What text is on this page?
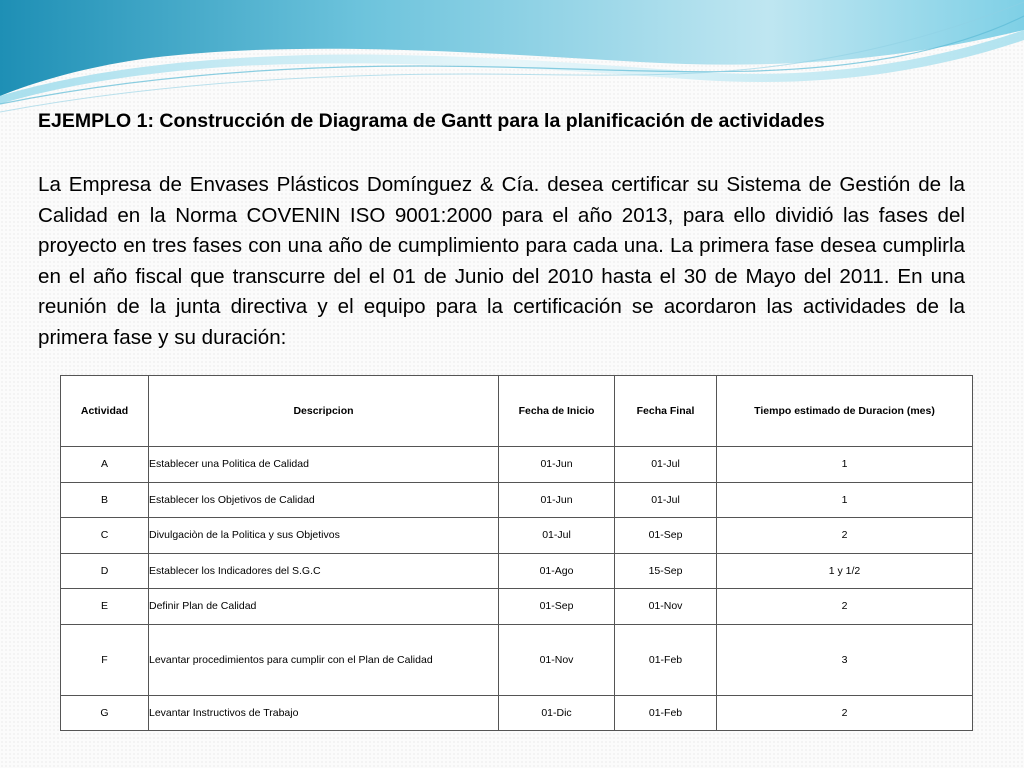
EJEMPLO 1: Construcción de Diagrama de Gantt para la planificación de actividades

La Empresa de Envases Plásticos Domínguez & Cía. desea certificar su Sistema de Gestión de la Calidad en la Norma COVENIN ISO 9001:2000 para el año 2013, para ello dividió las fases del proyecto en tres fases con una año de cumplimiento para cada una. La primera fase desea cumplirla en el año fiscal que transcurre del el 01 de Junio del 2010 hasta el 30 de Mayo del 2011. En una reunión de la junta directiva y el equipo para la certificación se acordaron las actividades de la primera fase y su duración:

Actividad	Descripcion	Fecha de Inicio	Fecha Final	Tiempo estimado de Duracion (mes)
A	Establecer una Politica de Calidad	01-Jun	01-Jul	1
B	Establecer los Objetivos de Calidad	01-Jun	01-Jul	1
C	Divulgaciòn de la Politica y sus Objetivos	01-Jul	01-Sep	2
D	Establecer los Indicadores del S.G.C	01-Ago	15-Sep	1 y 1/2
E	Definir Plan de Calidad	01-Sep	01-Nov	2
F	Levantar procedimientos para cumplir con el Plan de Calidad	01-Nov	01-Feb	3
G	Levantar Instructivos de Trabajo	01-Dic	01-Feb	2
